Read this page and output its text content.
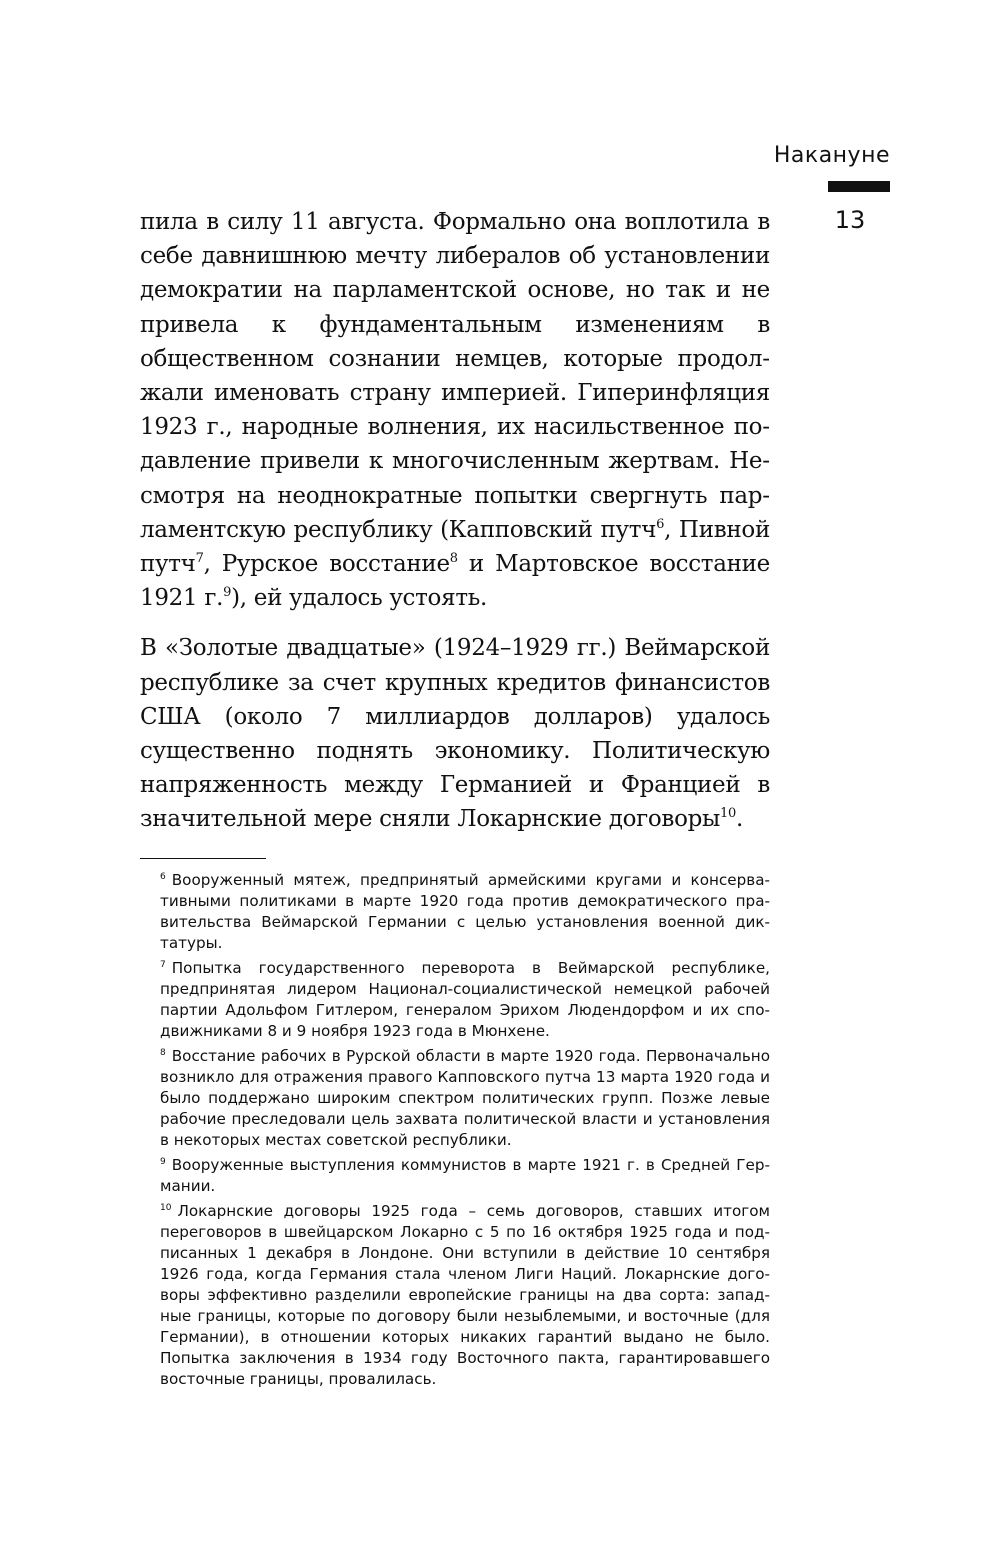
Накануне
13

пила в силу 11 августа. Формально она воплотила в себе давнишнюю мечту либералов об установлении демократии на парламентской основе, но так и не привела к фундаментальным изменениям в общественном сознании немцев, которые продолжали именовать страну империей. Гиперинфляция 1923 г., народные волнения, их насильственное подавление привели к многочисленным жертвам. Несмотря на неоднократные попытки свергнуть парламентскую республику (Капповский путч$^6$, Пивной путч$^7$, Рурское восстание$^8$ и Мартовское восстание 1921 г.$^9$), ей удалось устоять.

В «Золотые двадцатые» (1924–1929 гг.) Веймарской республике за счет крупных кредитов финансистов США (около 7 миллиардов долларов) удалось существенно поднять экономику. Политическую напряженность между Германией и Францией в значительной мере сняли Локарнские договоры$^{10}$.

$^6$ Вооруженный мятеж, предпринятый армейскими кругами и консервативными политиками в марте 1920 года против демократического правительства Веймарской Германии с целью установления военной диктатуры.

$^7$ Попытка государственного переворота в Веймарской республике, предпринятая лидером Национал-социалистической немецкой рабочей партии Адольфом Гитлером, генералом Эрихом Людендорфом и их сподвижниками 8 и 9 ноября 1923 года в Мюнхене.

$^8$ Восстание рабочих в Рурской области в марте 1920 года. Первоначально возникло для отражения правого Капповского путча 13 марта 1920 года и было поддержано широким спектром политических групп. Позже левые рабочие преследовали цель захвата политической власти и установления в некоторых местах советской республики.

$^9$ Вооруженные выступления коммунистов в марте 1921 г. в Средней Германии.

$^{10}$ Локарнские договоры 1925 года – семь договоров, ставших итогом переговоров в швейцарском Локарно с 5 по 16 октября 1925 года и подписанных 1 декабря в Лондоне. Они вступили в действие 10 сентября 1926 года, когда Германия стала членом Лиги Наций. Локарнские договоры эффективно разделили европейские границы на два сорта: западные границы, которые по договору были незыблемыми, и восточные (для Германии), в отношении которых никаких гарантий выдано не было. Попытка заключения в 1934 году Восточного пакта, гарантировавшего восточные границы, провалилась.
